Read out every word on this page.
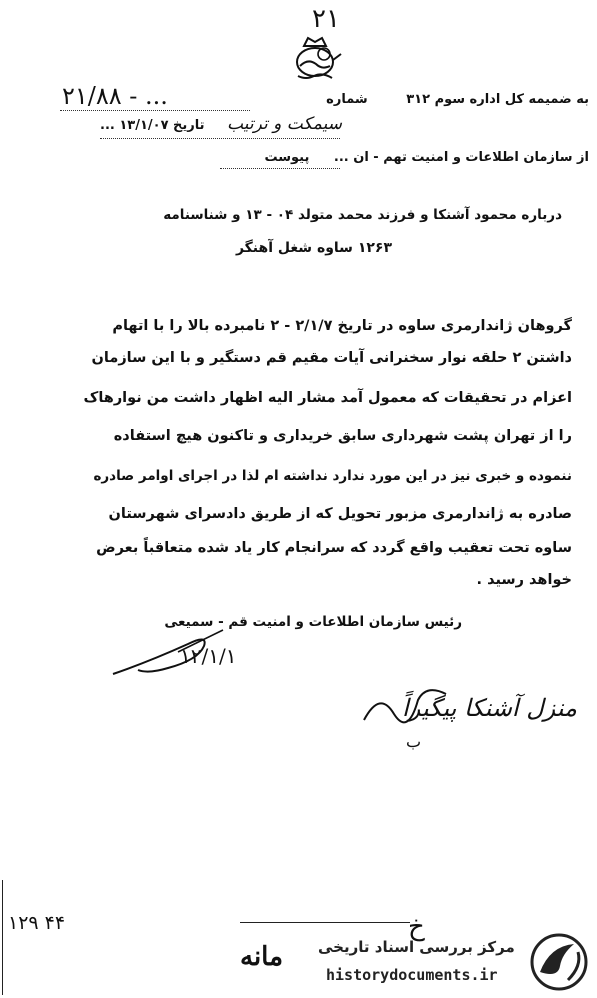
۲۱
به ضمیمه کل اداره سوم ۳۱۲ شماره
۲۱/۸۸ - ...
سیمکت و ترتیب
تاریخ ۱۳/۱/۰۷ ...
از سازمان اطلاعات و امنیت تهم - ان ... پیوست
درباره محمود آشنکا و فرزند محمد متولد ۰۴ - ۱۳ و شناسنامه
۱۲۶۳ ساوه شغل آهنگر
گروهان ژاندارمری ساوه در تاریخ ۲/۱/۷ - ۲ نامبرده بالا را با اتهام
داشتن ۲ حلقه نوار سخنرانی آیات مقیم قم دستگیر و با این سازمان
اعزام در تحقیقات که معمول آمد مشار الیه اظهار داشت من نوارهاک
را از تهران پشت شهرداری سابق خریداری و تاکنون هیچ استفاده
ننموده و خبری نیز در این مورد ندارد نداشته ام لذا در اجرای اوامر صادره
صادره به ژاندارمری مزبور تحویل که از طریق دادسرای شهرستان
ساوه تحت تعقیب واقع گردد که سرانجام کار یاد شده متعاقباً بعرض
خواهد رسید .
رئیس سازمان اطلاعات و امنیت قم - سمیعی
۱۲/۱/۱
منزل آشنکا پیگیراً
ب
۱۲۹ ۴۴	خ
مانه مرکز بررسی اسناد تاریخی
historydocuments.ir
